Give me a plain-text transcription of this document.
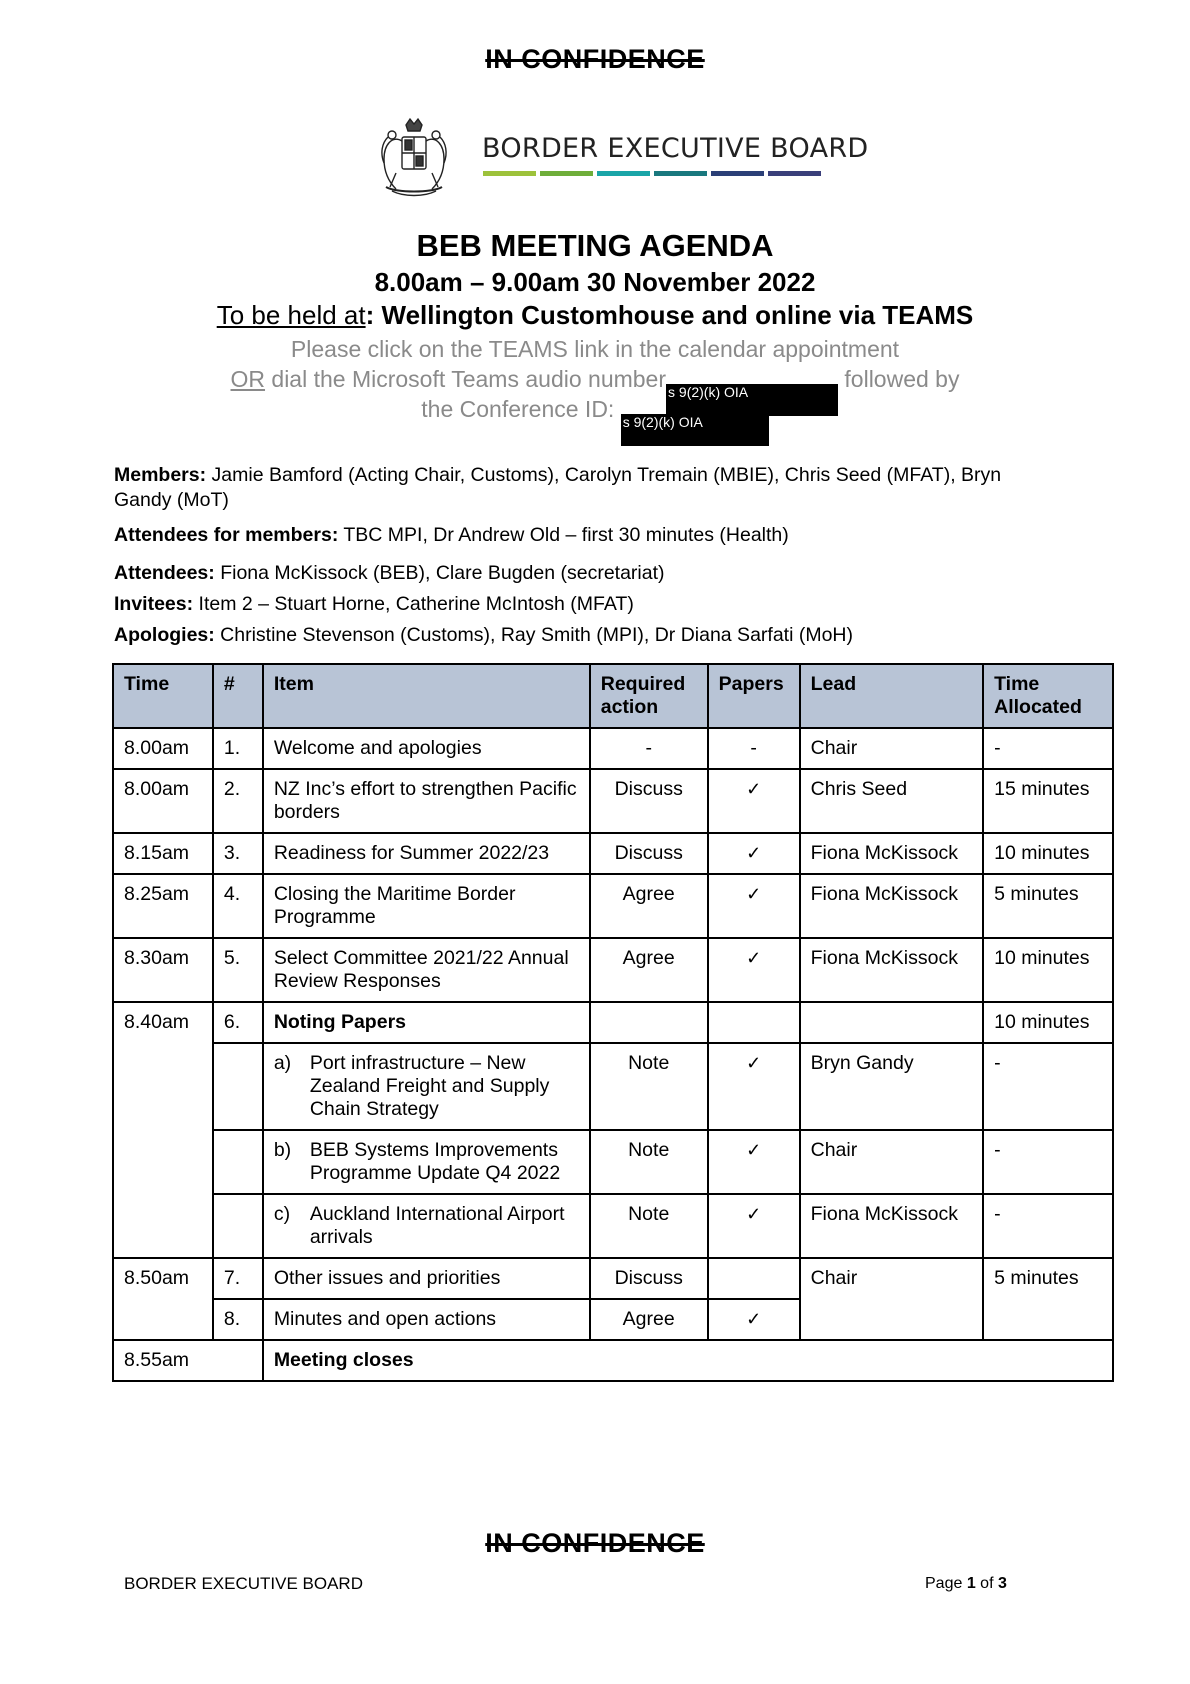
IN CONFIDENCE
BORDER EXECUTIVE BOARD
BEB MEETING AGENDA
8.00am – 9.00am 30 November 2022
To be held at: Wellington Customhouse and online via TEAMS
Please click on the TEAMS link in the calendar appointment
OR dial the Microsoft Teams audio number s 9(2)(k) OIA	followed by
the Conference ID: s 9(2)(k) OIA
Members: Jamie Bamford (Acting Chair, Customs), Carolyn Tremain (MBIE), Chris Seed (MFAT), Bryn Gandy (MoT)
Attendees for members: TBC MPI, Dr Andrew Old – first 30 minutes (Health)
Attendees: Fiona McKissock (BEB), Clare Bugden (secretariat)
Invitees: Item 2 – Stuart Horne, Catherine McIntosh (MFAT)
Apologies: Christine Stevenson (Customs), Ray Smith (MPI), Dr Diana Sarfati (MoH)
Time	#	Item	Required action	Papers	Lead	Time Allocated
8.00am	1.	Welcome and apologies	-	-	Chair	-
8.00am	2.	NZ Inc’s effort to strengthen Pacific borders	Discuss	✓	Chris Seed	15 minutes
8.15am	3.	Readiness for Summer 2022/23	Discuss	✓	Fiona McKissock	10 minutes
8.25am	4.	Closing the Maritime Border Programme	Agree	✓	Fiona McKissock	5 minutes
8.30am	5.	Select Committee 2021/22 Annual Review Responses	Agree	✓	Fiona McKissock	10 minutes
8.40am	6.	Noting Papers				10 minutes

		a) Port infrastructure – New Zealand Freight and Supply Chain Strategy	Note	✓	Bryn Gandy	-

		b) BEB Systems Improvements Programme Update Q4 2022	Note	✓	Chair	-

		c) Auckland International Airport arrivals	Note	✓	Fiona McKissock	-
8.50am	7.	Other issues and priorities	Discuss		Chair	5 minutes
	8.	Minutes and open actions	Agree	✓		
8.55am		Meeting closes				
IN CONFIDENCE
BORDER EXECUTIVE BOARD	Page 1 of 3
